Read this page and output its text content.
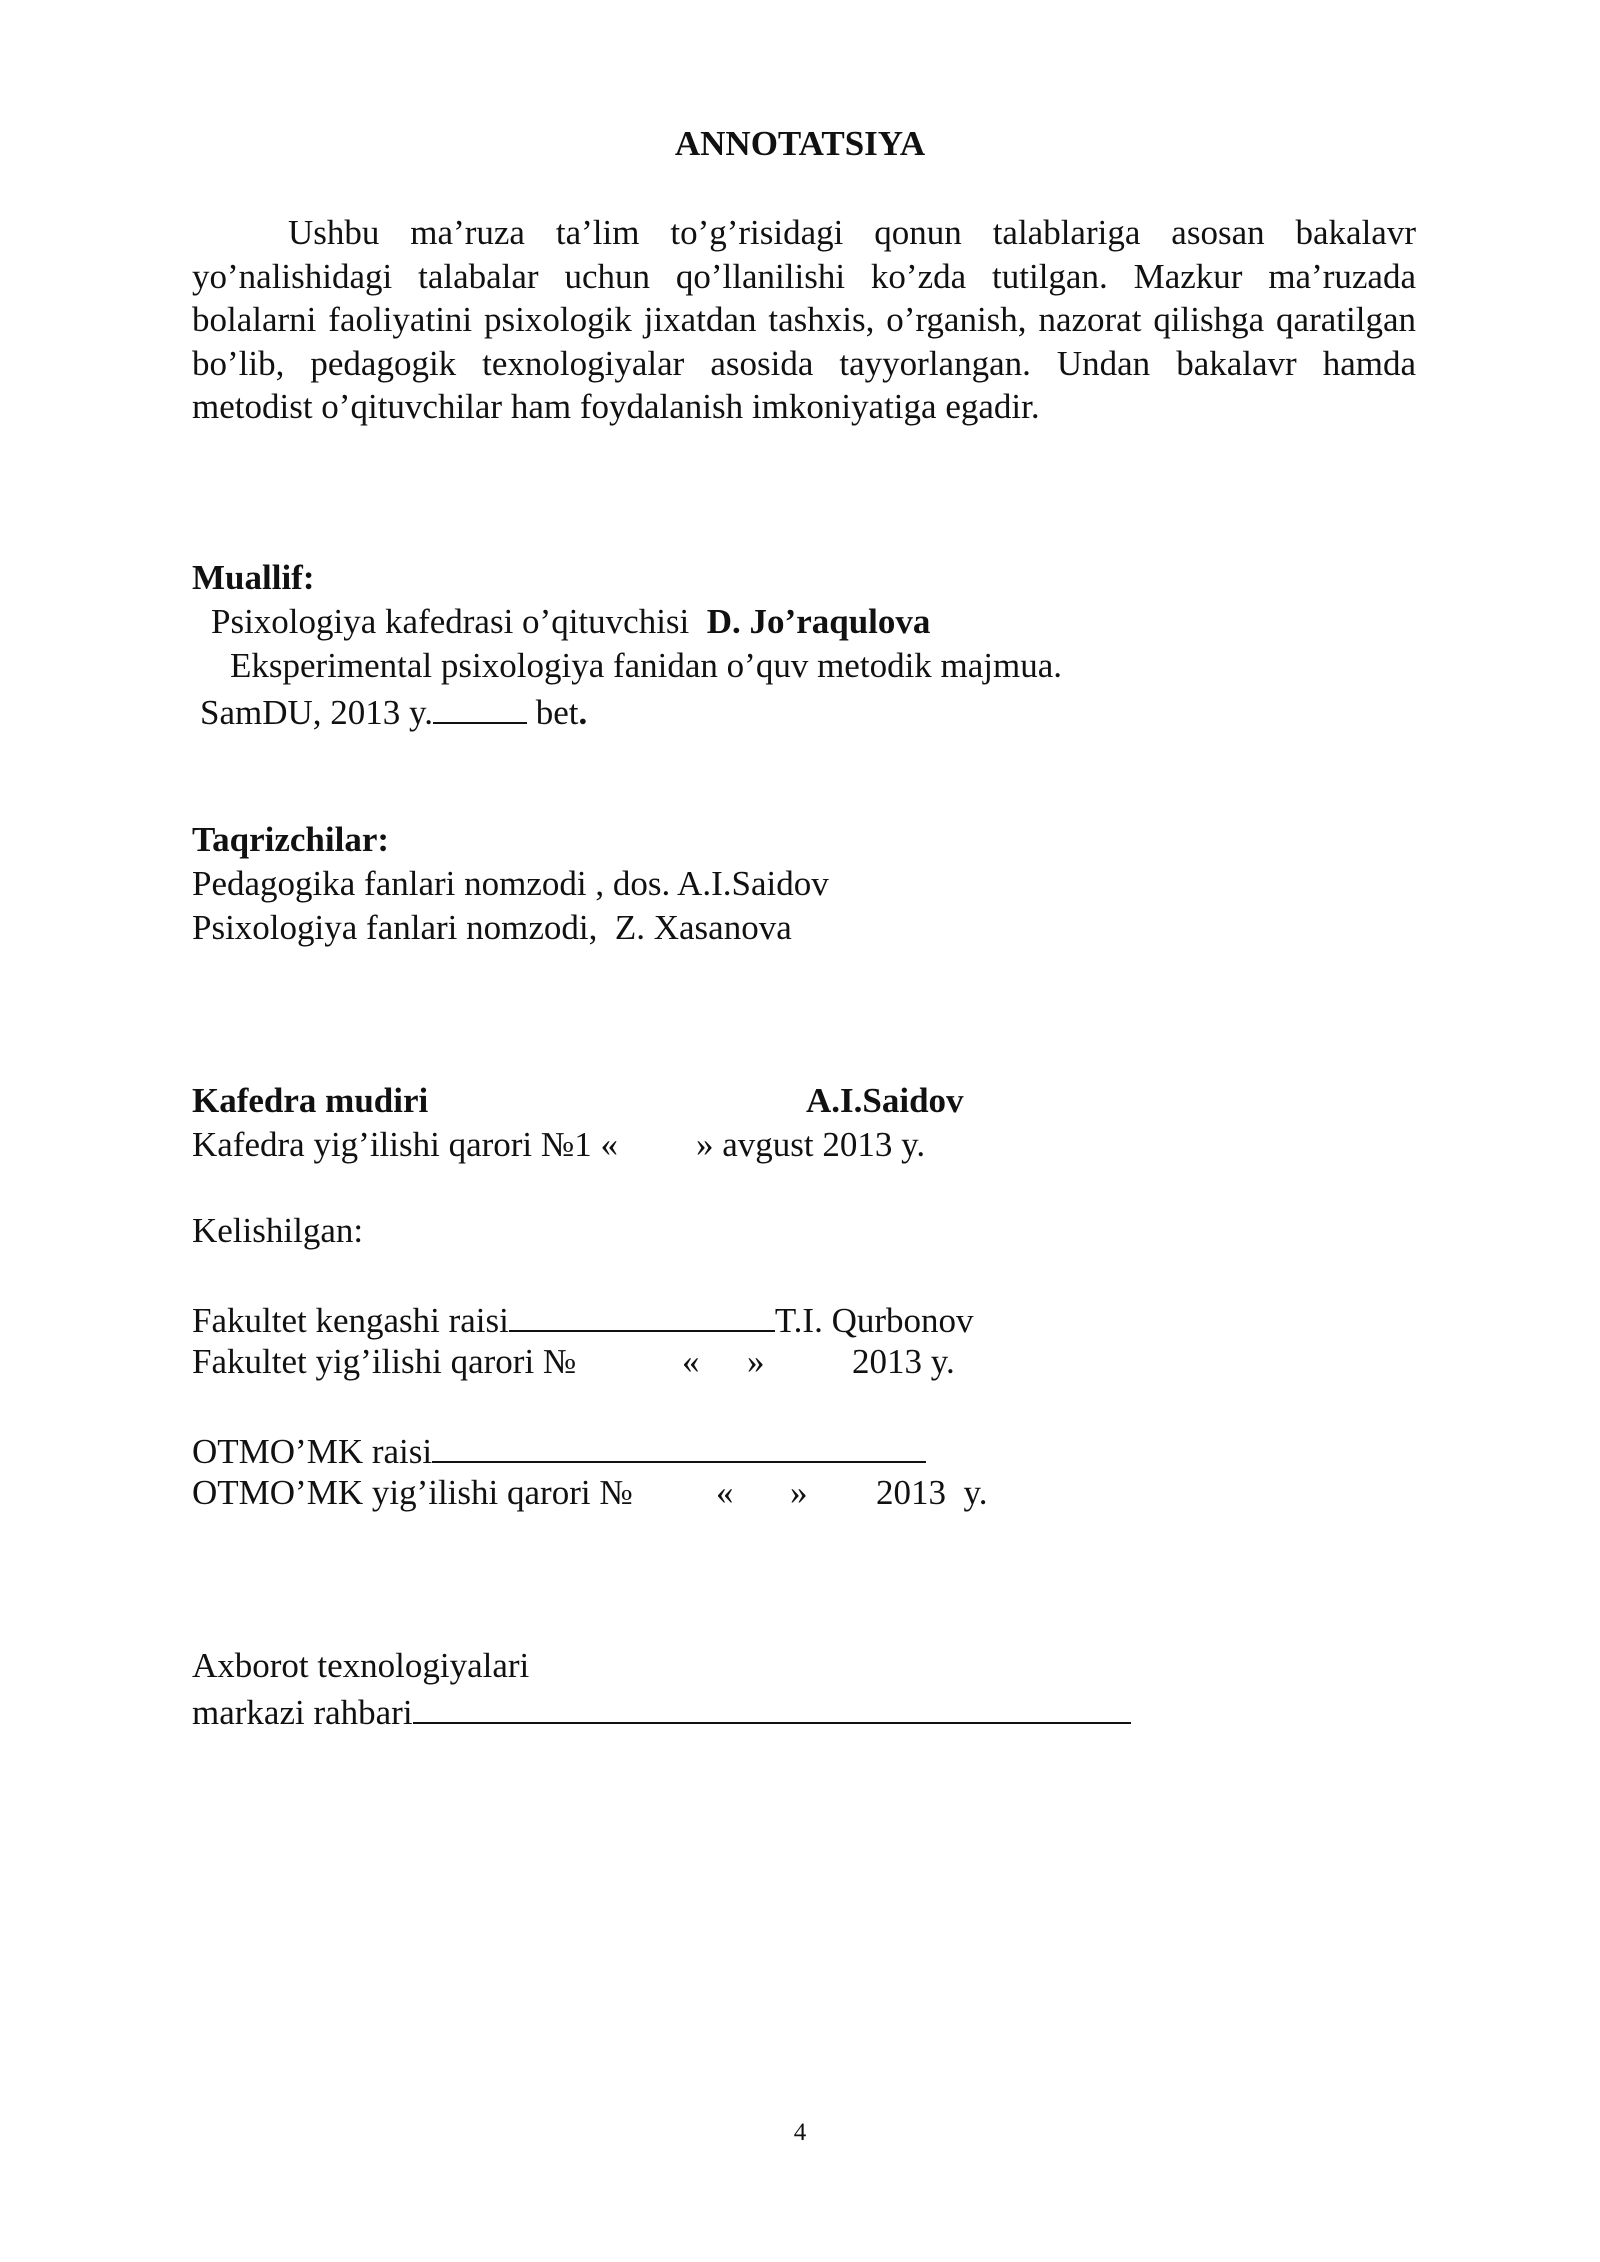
ANNOTATSIYA

Ushbu ma’ruza ta’lim to’g’risidagi qonun talablariga asosan bakalavr yo’nalishidagi talabalar uchun qo’llanilishi ko’zda tutilgan. Mazkur ma’ruzada bolalarni faoliyatini psixologik jixatdan tashxis, o’rganish, nazorat qilishga qaratilgan bo’lib, pedagogik texnologiyalar asosida tayyorlangan. Undan bakalavr hamda metodist o’qituvchilar ham foydalanish imkoniyatiga egadir.

Muallif:
Psixologiya kafedrasi o’qituvchisi D. Jo’raqulova
Eksperimental psixologiya fanidan o’quv metodik majmua.
SamDU, 2013 y.	bet.
Taqrizchilar:
Pedagogika fanlari nomzodi , dos. A.I.Saidov
Psixologiya fanlari nomzodi,  Z. Xasanova
Kafedra mudiri	A.I.Saidov
Kafedra yig’ilishi qarori №1 « » avgust 2013 y.
Kelishilgan:
Fakultet kengashi raisi	T.I. Qurbonov
Fakultet yig’ilishi qarori №	« »	2013 y.
OTMO’MK raisi
OTMO’MK yig’ilishi qarori № « » 2013  y.
Axborot texnologiyalari
markazi rahbari
4
